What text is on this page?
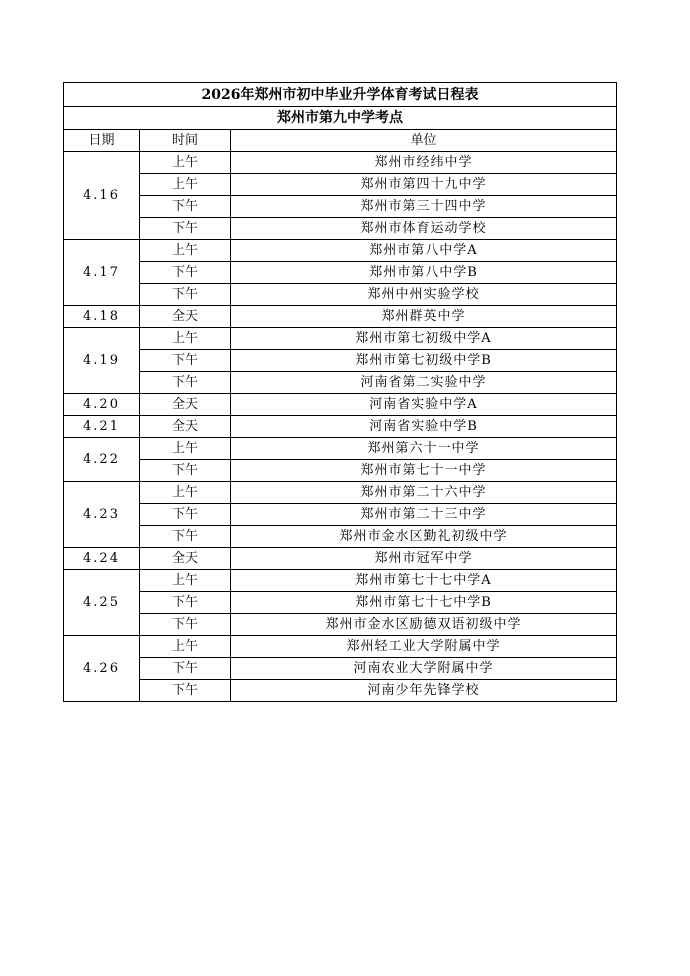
2026年郑州市初中毕业升学体育考试日程表		
郑州市第九中学考点		
日期	时间	单位
4.16	上午	郑州市经纬中学
	上午	郑州市第四十九中学
	下午	郑州市第三十四中学
	下午	郑州市体育运动学校
4.17	上午	郑州市第八中学A
	下午	郑州市第八中学B
	下午	郑州中州实验学校
4.18	全天	郑州群英中学
4.19	上午	郑州市第七初级中学A
	下午	郑州市第七初级中学B
	下午	河南省第二实验中学
4.20	全天	河南省实验中学A
4.21	全天	河南省实验中学B
4.22	上午	郑州第六十一中学
	下午	郑州市第七十一中学
4.23	上午	郑州市第二十六中学
	下午	郑州市第二十三中学
	下午	郑州市金水区勤礼初级中学
4.24	全天	郑州市冠军中学
4.25	上午	郑州市第七十七中学A
	下午	郑州市第七十七中学B
	下午	郑州市金水区励德双语初级中学
4.26	上午	郑州轻工业大学附属中学
	下午	河南农业大学附属中学
	下午	河南少年先锋学校
